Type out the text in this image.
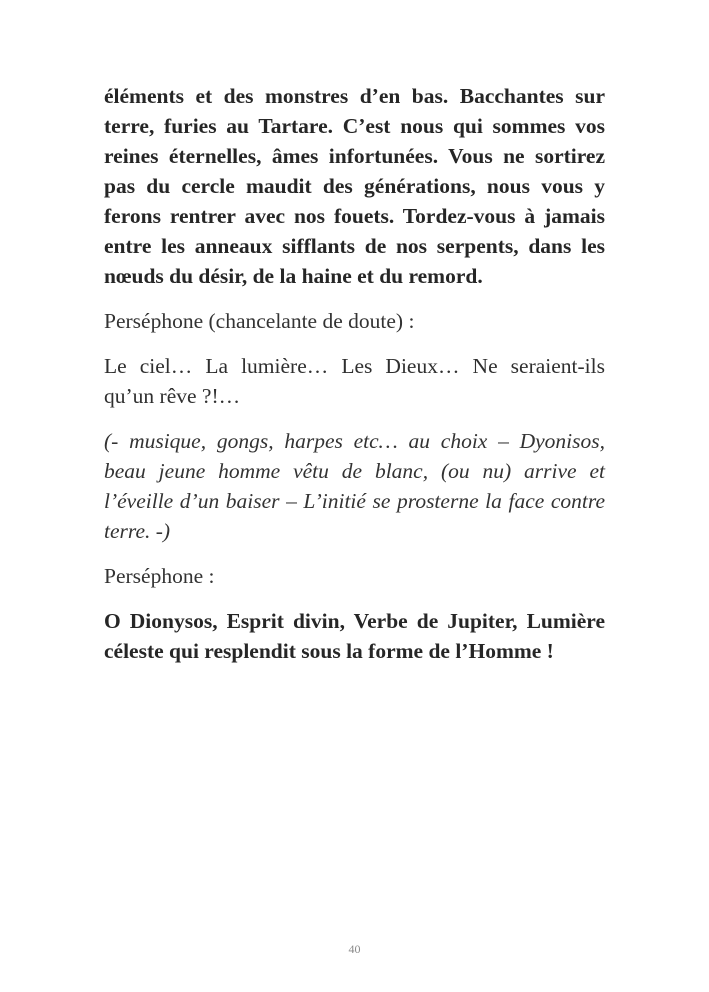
éléments et des monstres d’en bas. Bacchantes sur terre, furies au Tartare. C’est nous qui sommes vos reines éternelles, âmes infortunées. Vous ne sortirez pas du cercle maudit des générations, nous vous y ferons rentrer avec nos fouets. Tordez-vous à jamais entre les anneaux sifflants de nos serpents, dans les nœuds du désir, de la haine et du remord.

Perséphone (chancelante de doute) :

Le ciel… La lumière… Les Dieux… Ne seraient-ils qu’un rêve ?!…

(- musique, gongs, harpes etc… au choix – Dyonisos, beau jeune homme vêtu de blanc, (ou nu) arrive et l’éveille d’un baiser – L’initié se prosterne la face contre terre. -)

Perséphone :

O Dionysos, Esprit divin, Verbe de Jupiter, Lumière céleste qui resplendit sous la forme de l’Homme !

40
